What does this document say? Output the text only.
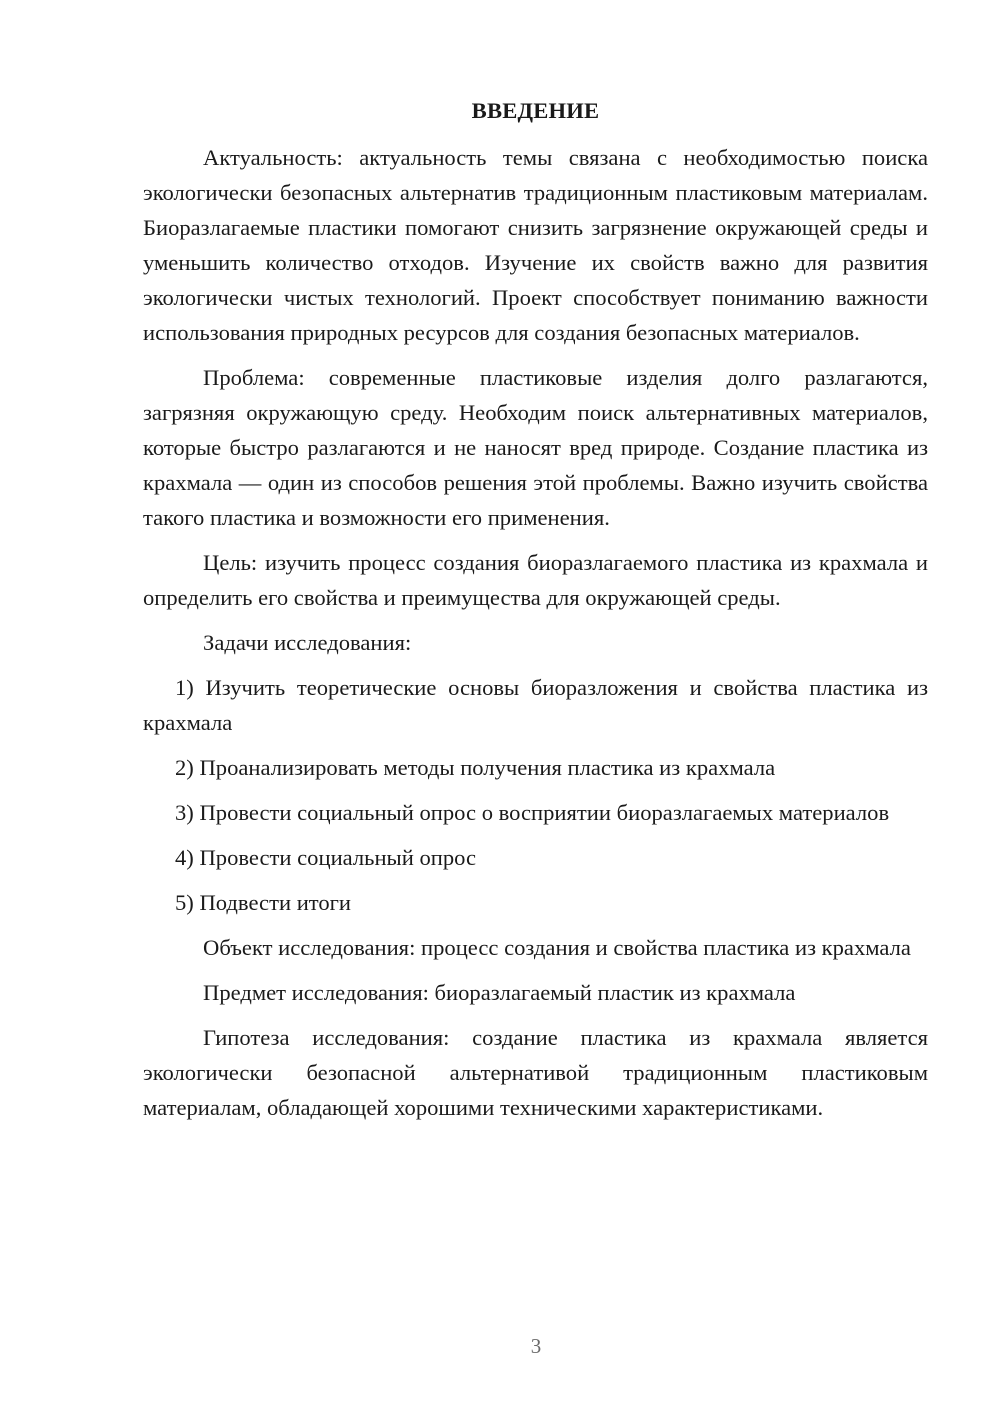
ВВЕДЕНИЕ

Актуальность: актуальность темы связана с необходимостью поиска экологически безопасных альтернатив традиционным пластиковым материалам. Биоразлагаемые пластики помогают снизить загрязнение окружающей среды и уменьшить количество отходов. Изучение их свойств важно для развития экологически чистых технологий. Проект способствует пониманию важности использования природных ресурсов для создания безопасных материалов.

Проблема: современные пластиковые изделия долго разлагаются, загрязняя окружающую среду. Необходим поиск альтернативных материалов, которые быстро разлагаются и не наносят вред природе. Создание пластика из крахмала — один из способов решения этой проблемы. Важно изучить свойства такого пластика и возможности его применения.

Цель: изучить процесс создания биоразлагаемого пластика из крахмала и определить его свойства и преимущества для окружающей среды.

Задачи исследования:

1) Изучить теоретические основы биоразложения и свойства пластика из крахмала

2) Проанализировать методы получения пластика из крахмала

3) Провести социальный опрос о восприятии биоразлагаемых материалов

4) Провести социальный опрос

5) Подвести итоги

Объект исследования: процесс создания и свойства пластика из крахмала

Предмет исследования: биоразлагаемый пластик из крахмала

Гипотеза исследования: создание пластика из крахмала является экологически безопасной альтернативой традиционным пластиковым материалам, обладающей хорошими техническими характеристиками.

3
